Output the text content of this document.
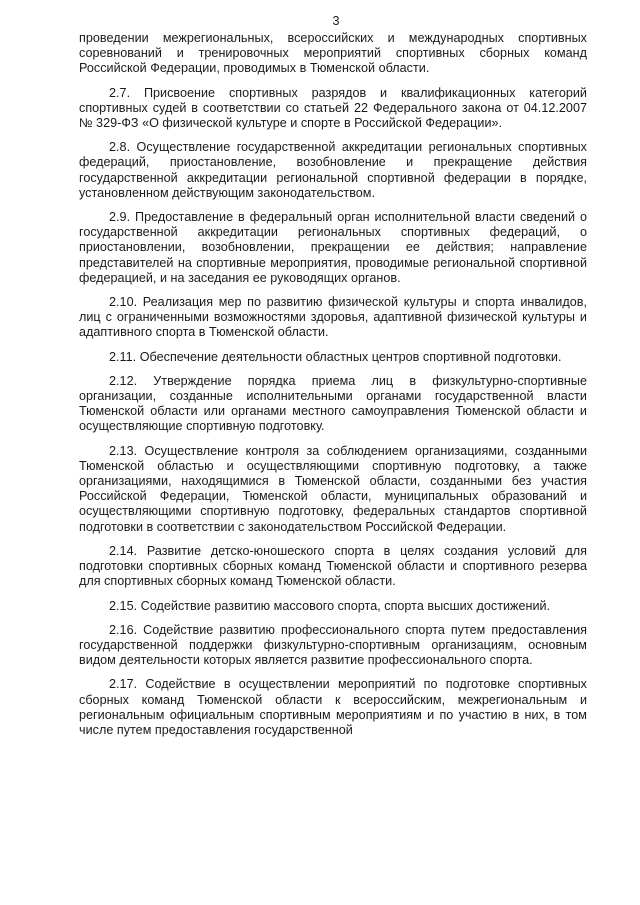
3

проведении межрегиональных, всероссийских и международных спортивных соревнований и тренировочных мероприятий спортивных сборных команд Российской Федерации, проводимых в Тюменской области.

2.7. Присвоение спортивных разрядов и квалификационных категорий спортивных судей в соответствии со статьей 22 Федерального закона от 04.12.2007 № 329-ФЗ «О физической культуре и спорте в Российской Федерации».

2.8. Осуществление государственной аккредитации региональных спортивных федераций, приостановление, возобновление и прекращение действия государственной аккредитации региональной спортивной федерации в порядке, установленном действующим законодательством.

2.9. Предоставление в федеральный орган исполнительной власти сведений о государственной аккредитации региональных спортивных федераций, о приостановлении, возобновлении, прекращении ее действия; направление представителей на спортивные мероприятия, проводимые региональной спортивной федерацией, и на заседания ее руководящих органов.

2.10. Реализация мер по развитию физической культуры и спорта инвалидов, лиц с ограниченными возможностями здоровья, адаптивной физической культуры и адаптивного спорта в Тюменской области.

2.11. Обеспечение деятельности областных центров спортивной подготовки.

2.12. Утверждение порядка приема лиц в физкультурно-спортивные организации, созданные исполнительными органами государственной власти Тюменской области или органами местного самоуправления Тюменской области и осуществляющие спортивную подготовку.

2.13. Осуществление контроля за соблюдением организациями, созданными Тюменской областью и осуществляющими спортивную подготовку, а также организациями, находящимися в Тюменской области, созданными без участия Российской Федерации, Тюменской области, муниципальных образований и осуществляющими спортивную подготовку, федеральных стандартов спортивной подготовки в соответствии с законодательством Российской Федерации.

2.14. Развитие детско-юношеского спорта в целях создания условий для подготовки спортивных сборных команд Тюменской области и спортивного резерва для спортивных сборных команд Тюменской области.

2.15. Содействие развитию массового спорта, спорта высших достижений.

2.16. Содействие развитию профессионального спорта путем предоставления государственной поддержки физкультурно-спортивным организациям, основным видом деятельности которых является развитие профессионального спорта.

2.17. Содействие в осуществлении мероприятий по подготовке спортивных сборных команд Тюменской области к всероссийским, межрегиональным и региональным официальным спортивным мероприятиям и по участию в них, в том числе путем предоставления государственной
